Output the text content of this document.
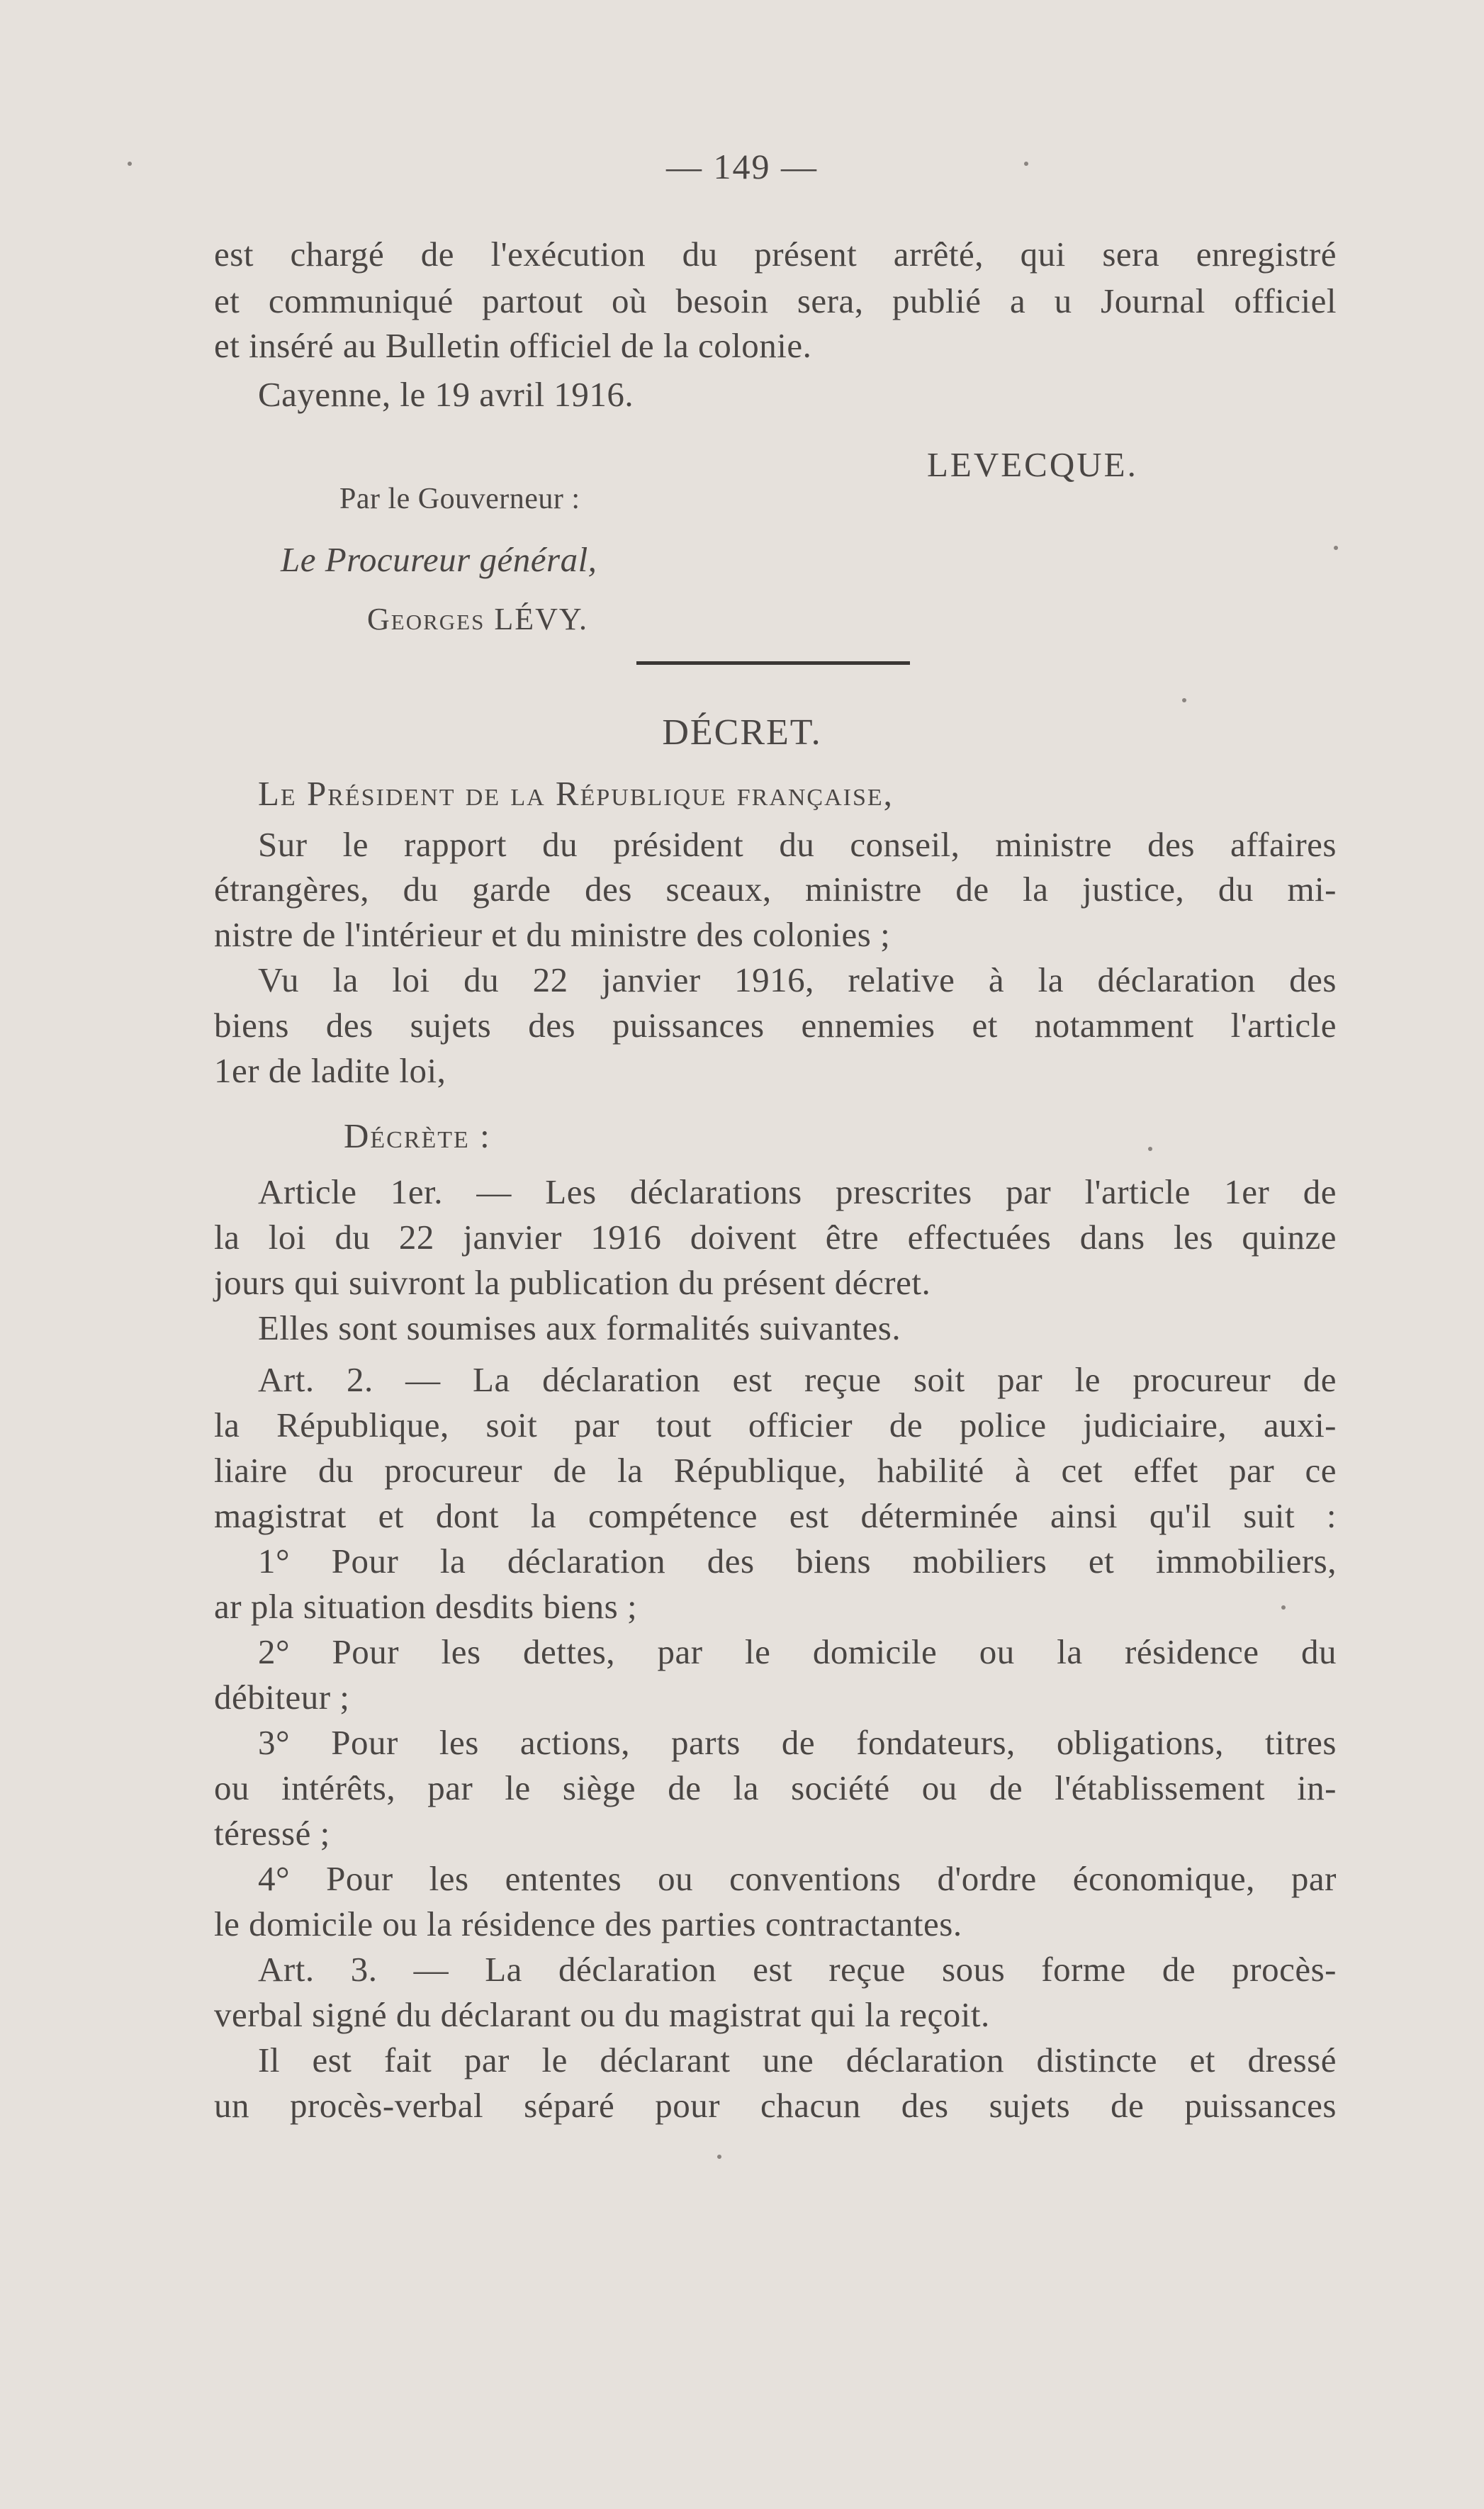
— 149 —
est chargé de l'exécution du présent arrêté, qui sera enregistré
et communiqué partout où besoin sera, publié a u Journal officiel
et inséré au Bulletin officiel de la colonie.
Cayenne, le 19 avril 1916.
LEVECQUE.
Par le Gouverneur :
Le Procureur général,
Georges LÉVY.
DÉCRET.
Le Président de la République française,
Sur le rapport du président du conseil, ministre des affaires
étrangères, du garde des sceaux, ministre de la justice, du mi-
nistre de l'intérieur et du ministre des colonies ;
Vu la loi du 22 janvier 1916, relative à la déclaration des
biens des sujets des puissances ennemies et notamment l'article
1er de ladite loi,
Décrète :
Article 1er. — Les déclarations prescrites par l'article 1er de
la loi du 22 janvier 1916 doivent être effectuées dans les quinze
jours qui suivront la publication du présent décret.
Elles sont soumises aux formalités suivantes.
Art. 2. — La déclaration est reçue soit par le procureur de
la République, soit par tout officier de police judiciaire, auxi-
liaire du procureur de la République, habilité à cet effet par ce
magistrat et dont la compétence est déterminée ainsi qu'il suit :
1° Pour la déclaration des biens mobiliers et immobiliers,
ar pla situation desdits biens ;
2° Pour les dettes, par le domicile ou la résidence du
débiteur ;
3° Pour les actions, parts de fondateurs, obligations, titres
ou intérêts, par le siège de la société ou de l'établissement in-
téressé ;
4° Pour les ententes ou conventions d'ordre économique, par
le domicile ou la résidence des parties contractantes.
Art. 3. — La déclaration est reçue sous forme de procès-
verbal signé du déclarant ou du magistrat qui la reçoit.
Il est fait par le déclarant une déclaration distincte et dressé
un procès-verbal séparé pour chacun des sujets de puissances
